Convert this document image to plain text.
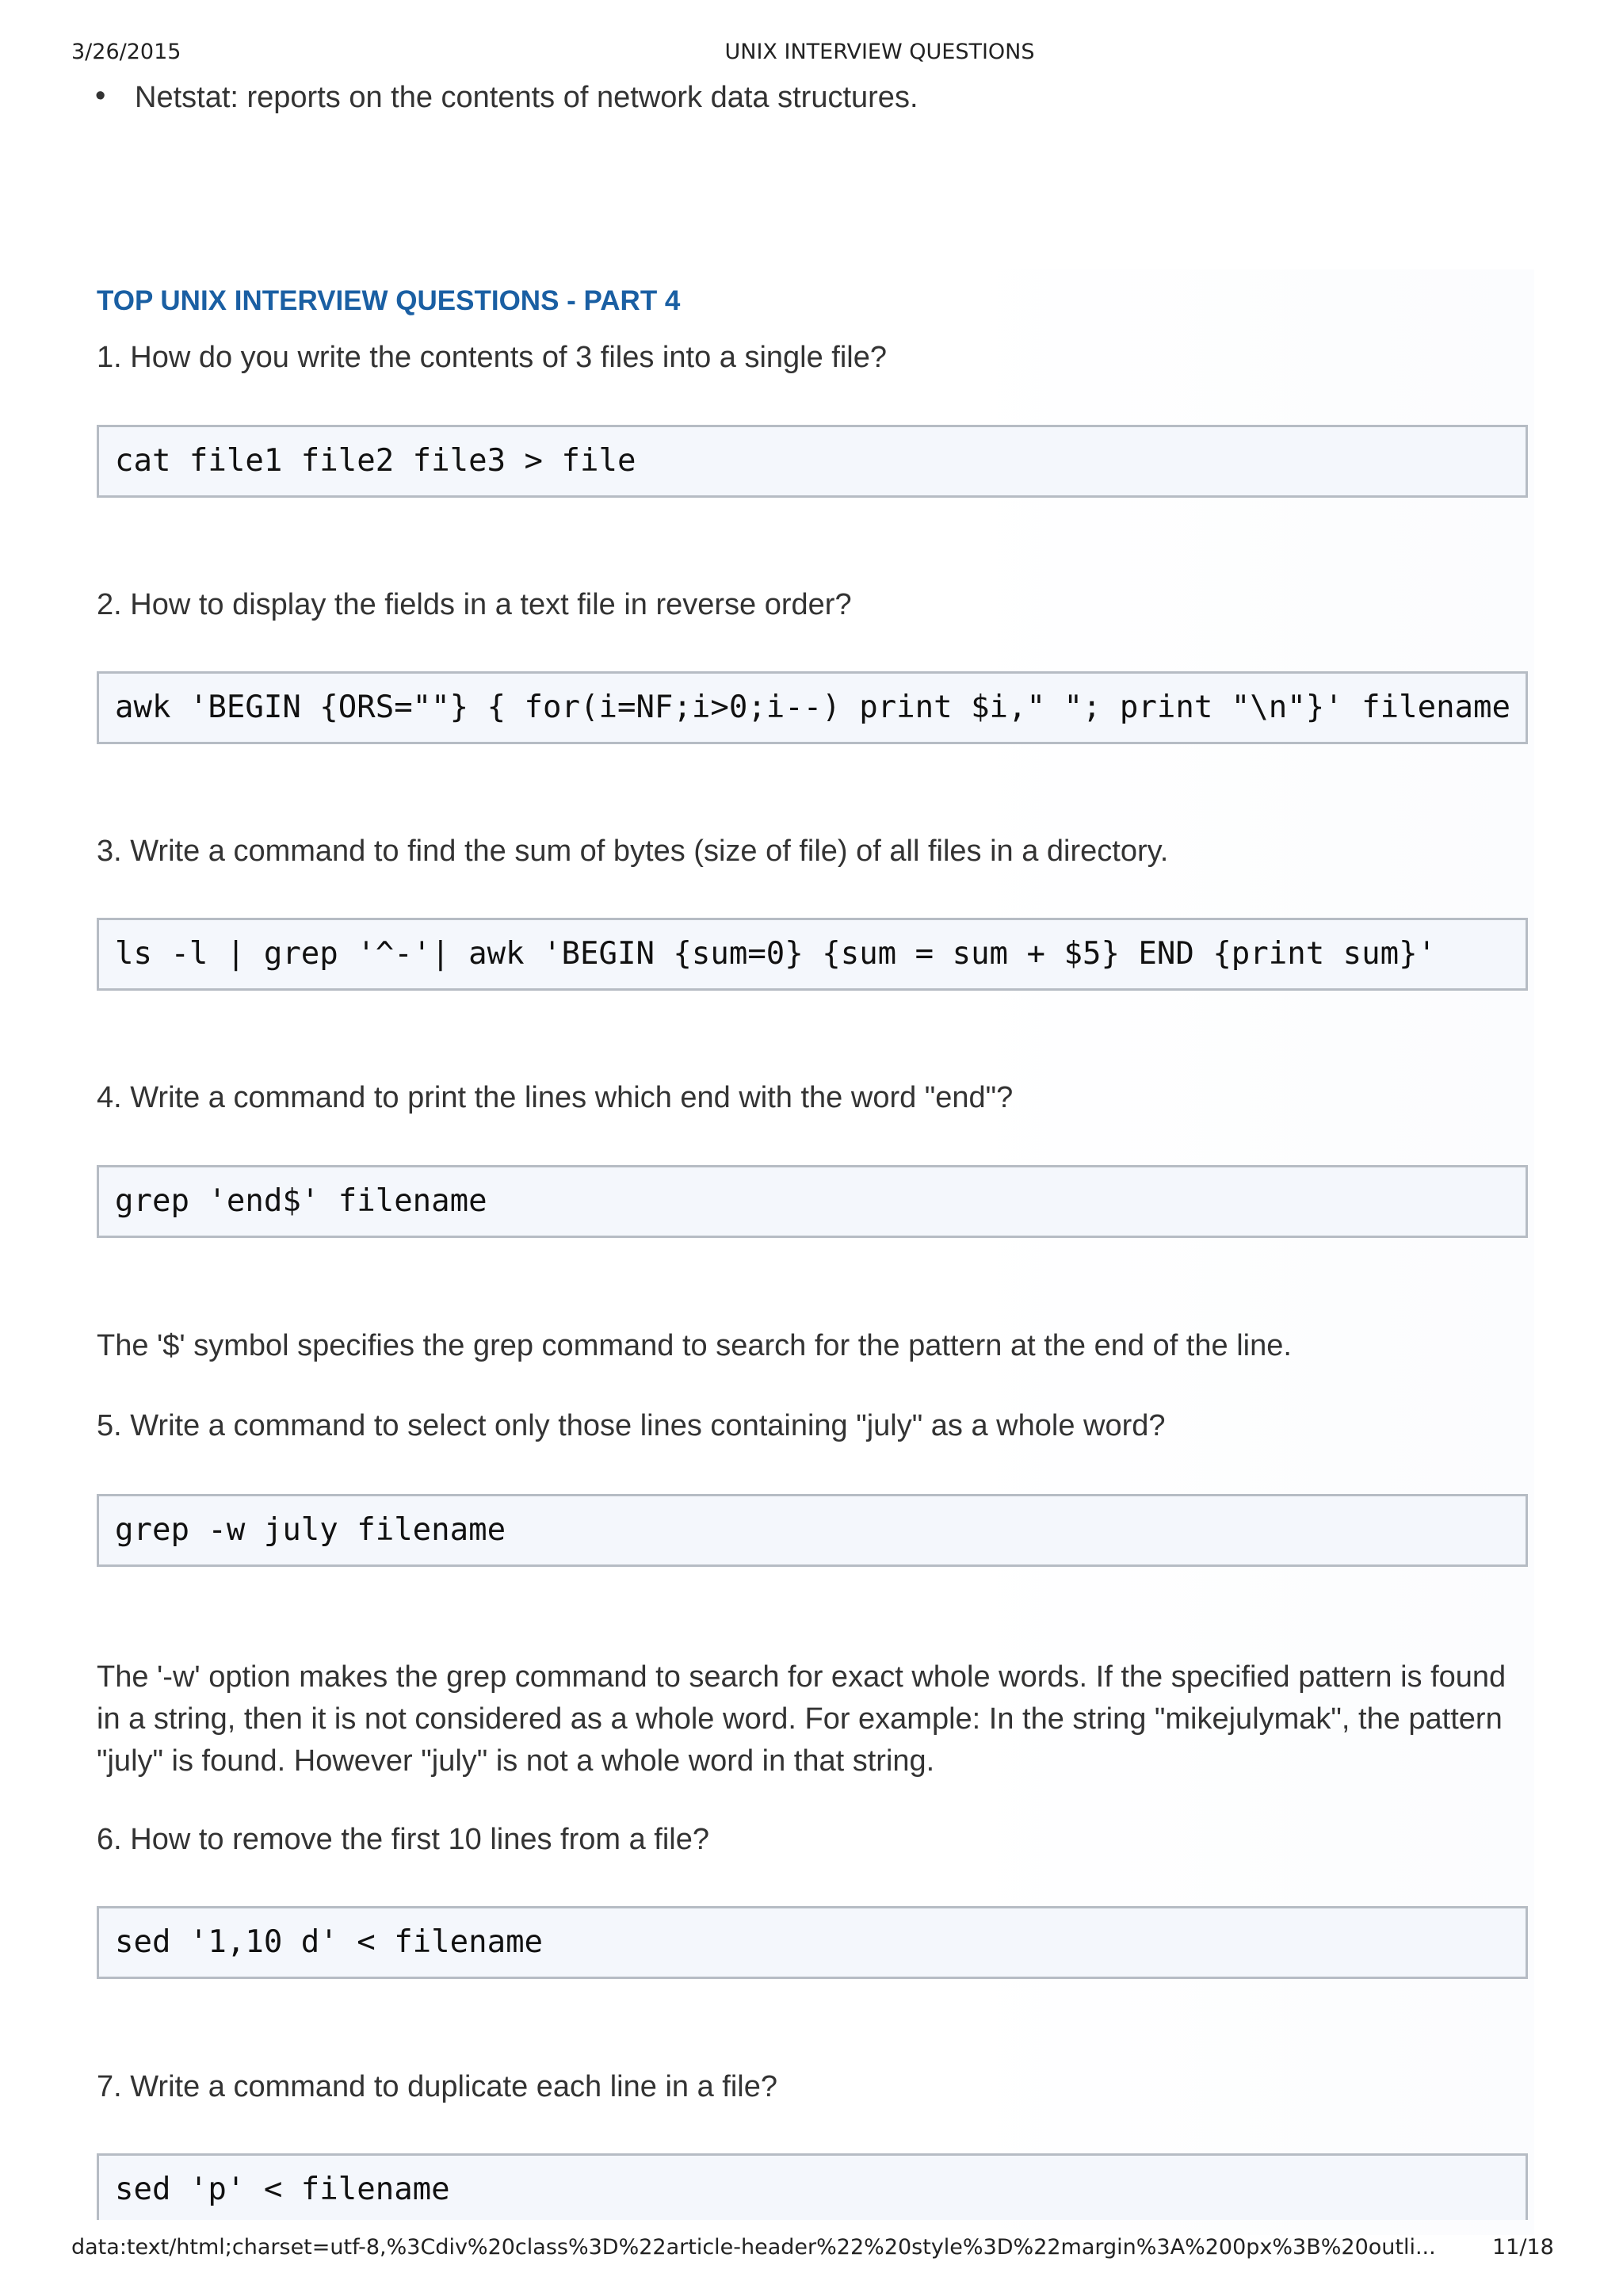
3/26/2015	UNIX INTERVIEW QUESTIONS
• Netstat: reports on the contents of network data structures.
TOP UNIX INTERVIEW QUESTIONS - PART 4
1. How do you write the contents of 3 files into a single file?
cat file1 file2 file3 > file
2. How to display the fields in a text file in reverse order?
awk 'BEGIN {ORS=""} { for(i=NF;i>0;i--) print $i," "; print "\n"}' filename
3. Write a command to find the sum of bytes (size of file) of all files in a directory.
ls -l | grep '^-'| awk 'BEGIN {sum=0} {sum = sum + $5} END {print sum}'
4. Write a command to print the lines which end with the word "end"?
grep 'end$' filename
The '$' symbol specifies the grep command to search for the pattern at the end of the line.
5. Write a command to select only those lines containing "july" as a whole word?
grep -w july filename
The '-w' option makes the grep command to search for exact whole words. If the specified pattern is found
in a string, then it is not considered as a whole word. For example: In the string "mikejulymak", the pattern
"july" is found. However "july" is not a whole word in that string.
6. How to remove the first 10 lines from a file?
sed '1,10 d' < filename
7. Write a command to duplicate each line in a file?
sed 'p' < filename
data:text/html;charset=utf-8,%3Cdiv%20class%3D%22article-header%22%20style%3D%22margin%3A%200px%3B%20outli...	11/18
